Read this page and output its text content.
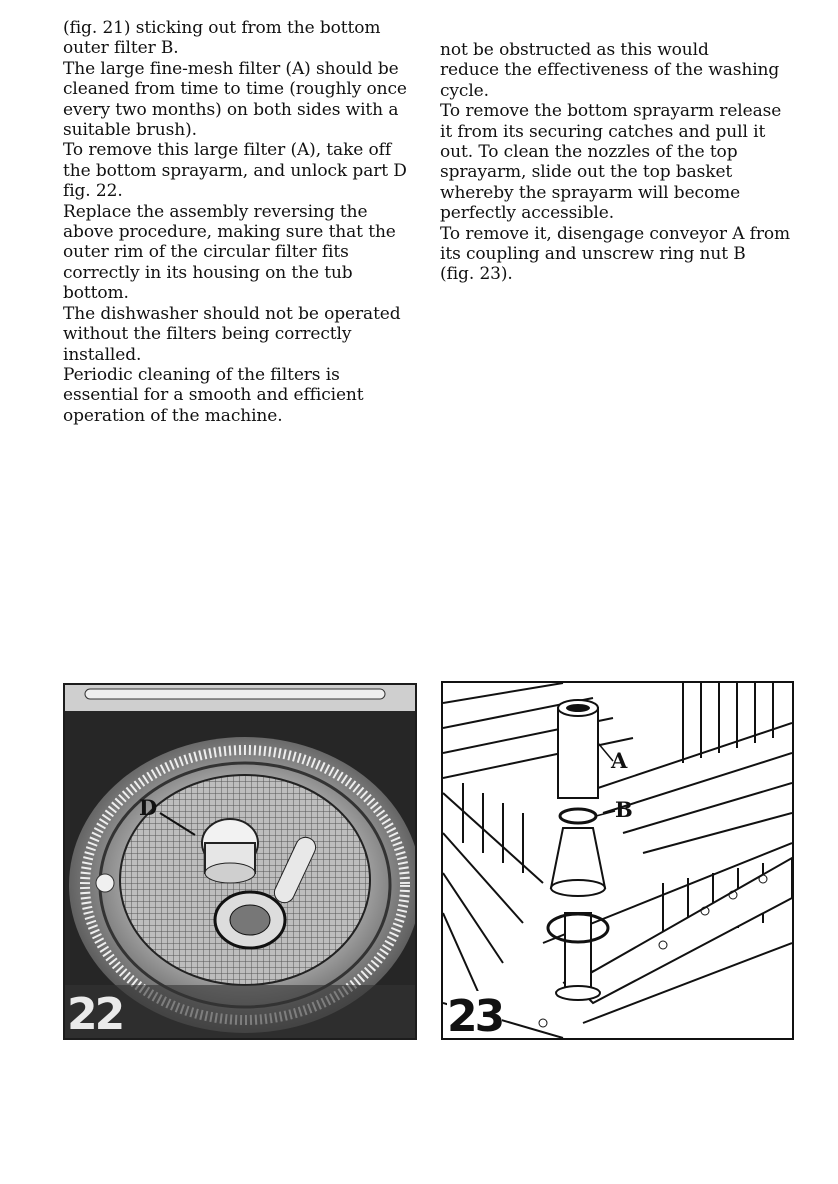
(fig. 21) sticking out from the bottom

outer filter B.

The large fine-mesh filter (A) should be

cleaned from time to time (roughly once

every two months) on both sides with a

suitable brush).

To remove this large filter (A), take off

the bottom sprayarm, and unlock part D

fig. 22.

Replace the assembly reversing the

above procedure, making sure that the

outer rim of the circular filter fits

correctly in its housing on the tub

bottom.

The dishwasher should not be operated

without the filters being correctly

installed.

Periodic cleaning of the filters is

essential for a smooth and efficient

operation of the machine.

not be obstructed as this would

reduce the effectiveness of the washing

cycle.

To remove the bottom sprayarm release

it from its securing catches and pull it

out. To clean the nozzles of the top

sprayarm, slide out the top basket

whereby the sprayarm will become

perfectly accessible.

To remove it, disengage conveyor A from

its coupling and unscrew ring nut B

(fig. 23).

D
22
A
B
23
